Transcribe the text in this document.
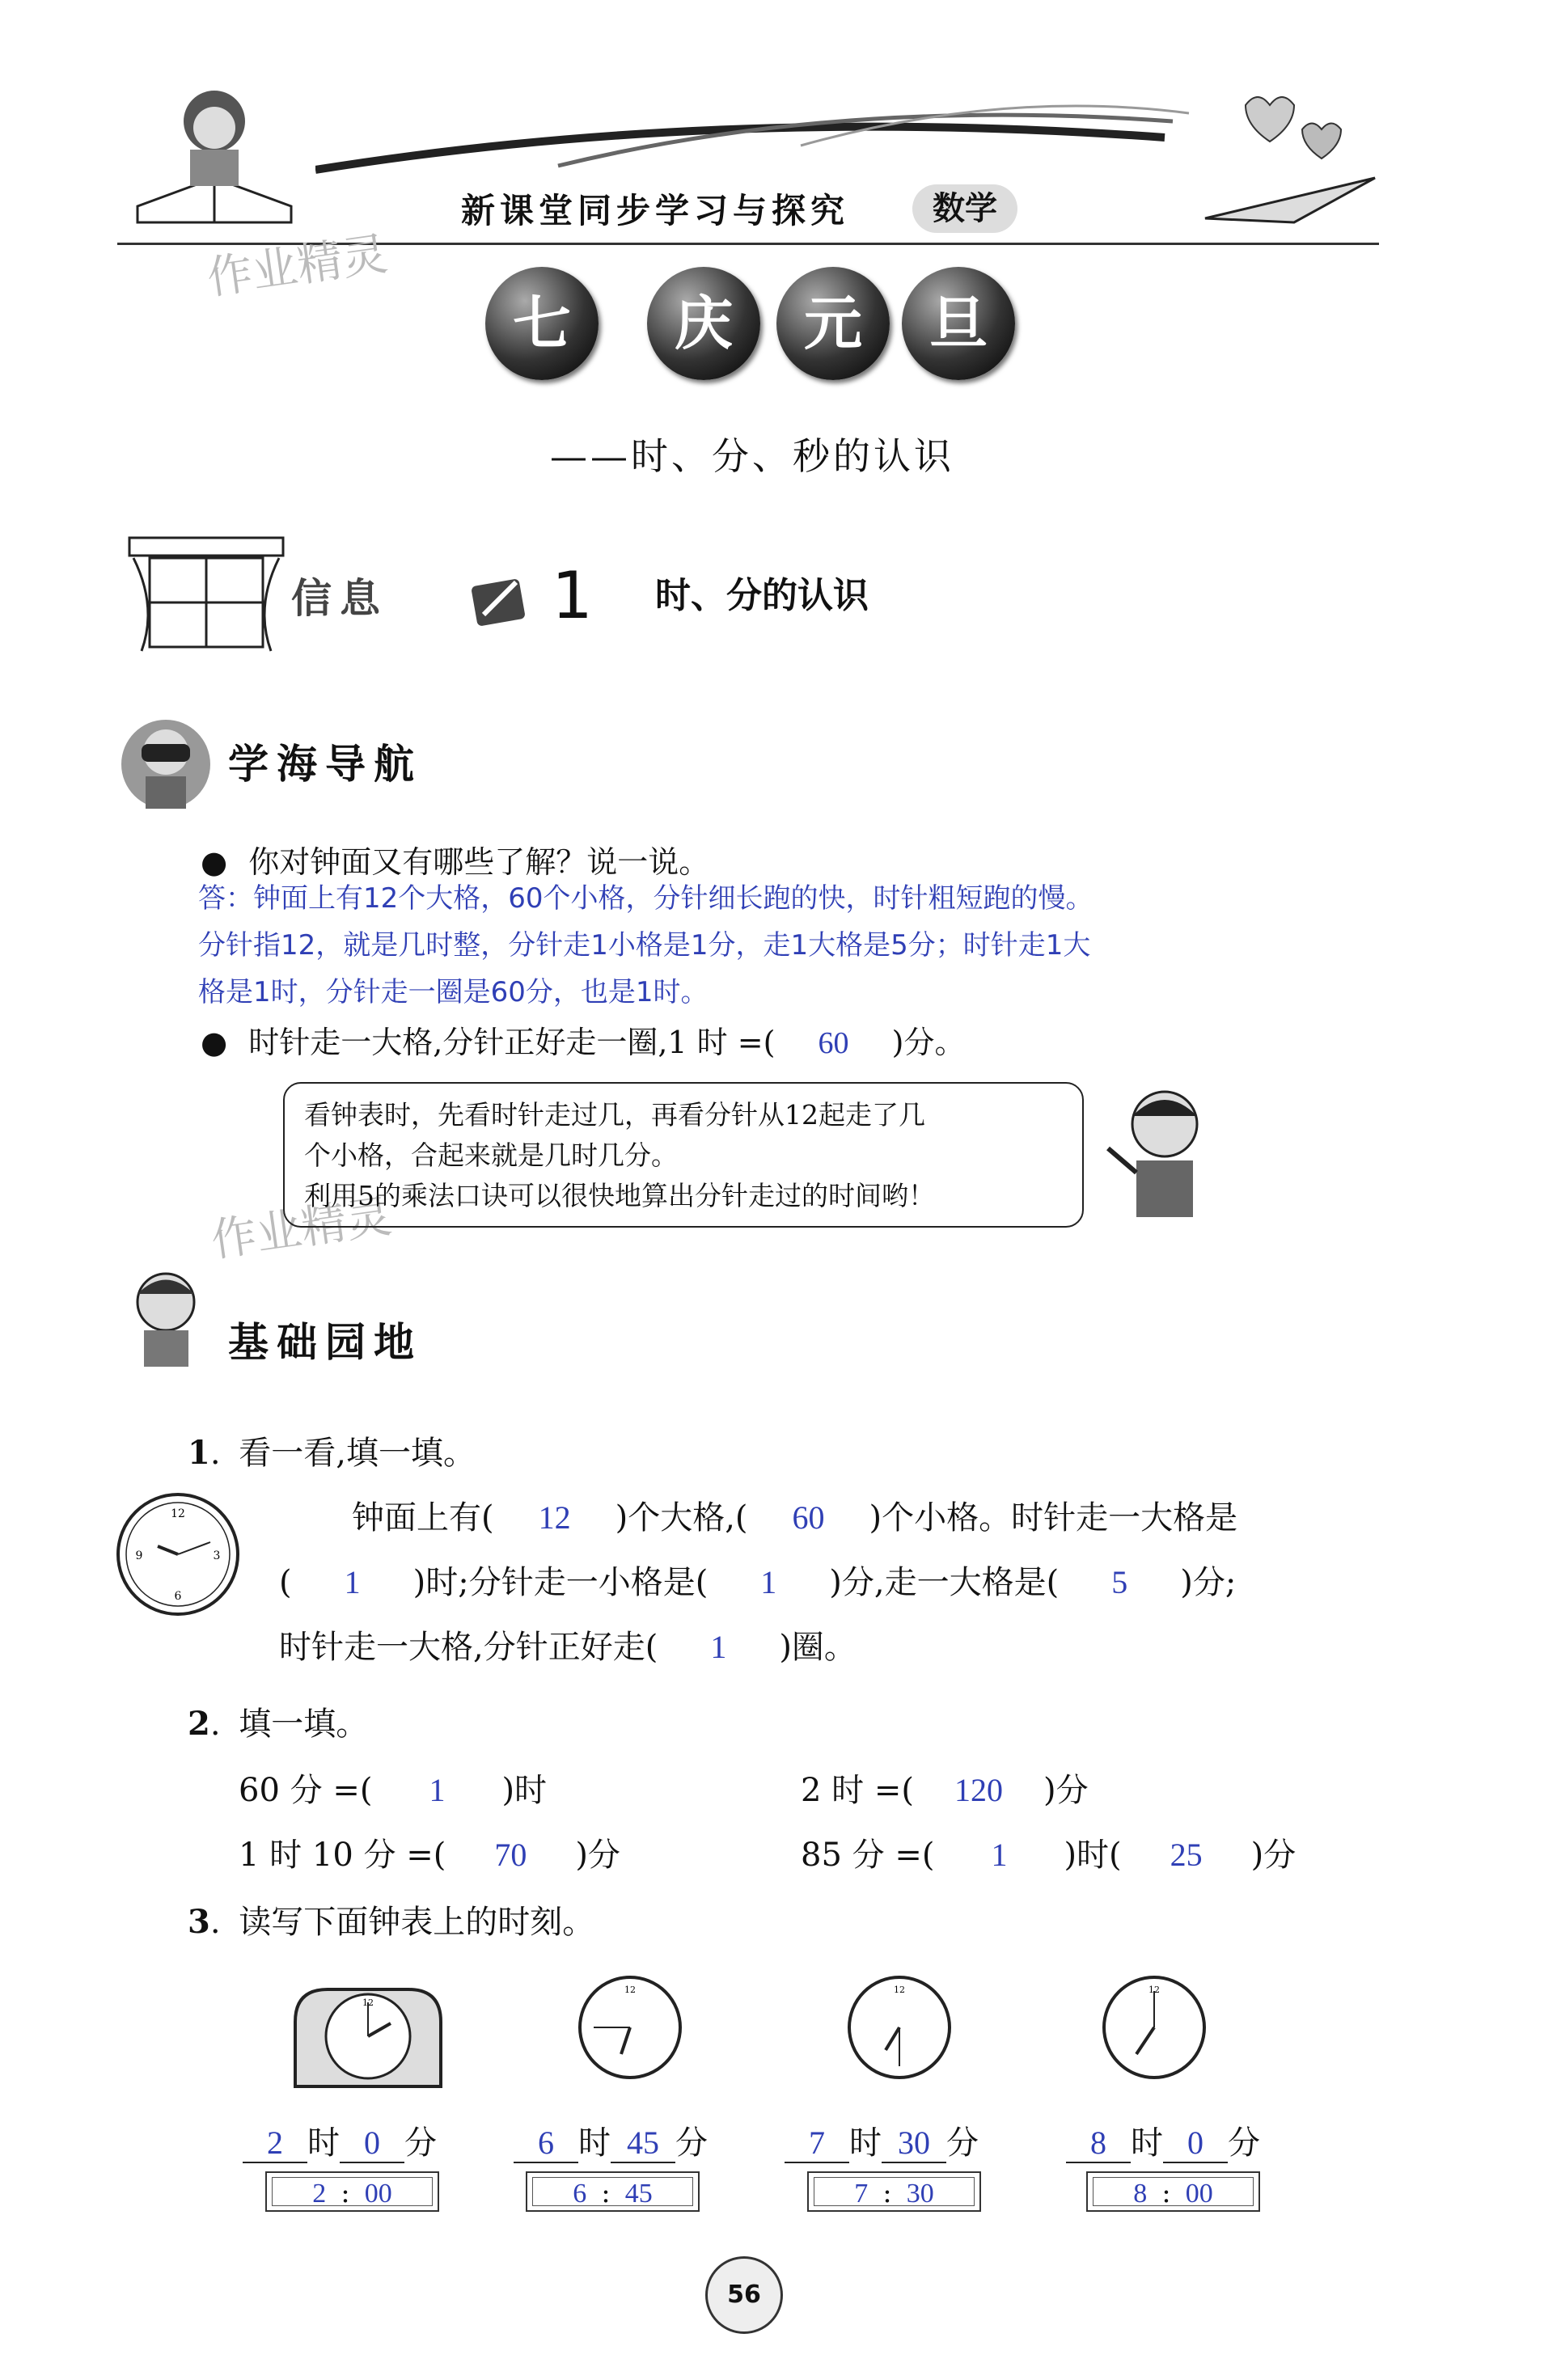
新课堂同步学习与探究	数学
作业精灵
作业精灵
七	庆	元	旦
——时、分、秒的认识
信息	1 时、分的认识
学海导航
● 你对钟面又有哪些了解？说一说。
答：钟面上有12个大格，60个小格，分针细长跑的快，时针粗短跑的慢。
分针指12，就是几时整，分针走1小格是1分，走1大格是5分；时针走1大
格是1时，分针走一圈是60分，也是1时。
● 时针走一大格,分针正好走一圈,1 时 =( 60 )分。
看钟表时，先看时针走过几，再看分针从12起走了几
个小格，合起来就是几时几分。
利用5的乘法口诀可以很快地算出分针走过的时间哟！
基础园地
1. 看一看,填一填。
12
3
6
9
钟面上有( 12 )个大格,( 60 )个小格。时针走一大格是
( 1 )时;分针走一小格是( 1 )分,走一大格是( 5 )分;
时针走一大格,分针正好走( 1 )圈。
2. 填一填。
60 分 =( 1 )时	2 时 =( 120 )分
1 时 10 分 =( 70 )分	85 分 =( 1 )时( 25 )分
3. 读写下面钟表上的时刻。
12
12	12	12
2 时 0 分	6 时 45 分	7 时 30 分	8 时 0 分
2 : 00	6 : 45	7 : 30	8 : 00
56
